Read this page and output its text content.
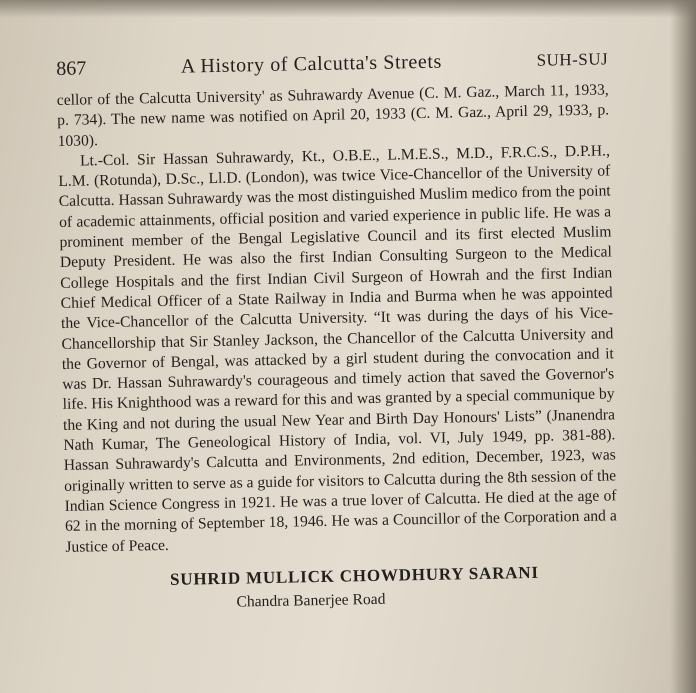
867	A History of Calcutta's Streets	SUH-SUJ

cellor of the Calcutta University' as Suhrawardy Avenue (C. M. Gaz., March 11, 1933, p. 734). The new name was notified on April 20, 1933 (C. M. Gaz., April 29, 1933, p. 1030).

Lt.-Col. Sir Hassan Suhrawardy, Kt., O.B.E., L.M.E.S., M.D., F.R.C.S., D.P.H., L.M. (Rotunda), D.Sc., Ll.D. (London), was twice Vice-Chancellor of the University of Calcutta. Hassan Suhrawardy was the most distinguished Muslim medico from the point of academic attainments, official position and varied experience in public life. He was a prominent member of the Bengal Legislative Council and its first elected Muslim Deputy President. He was also the first Indian Consulting Surgeon to the Medical College Hospitals and the first Indian Civil Surgeon of Howrah and the first Indian Chief Medical Officer of a State Railway in India and Burma when he was appointed the Vice-Chancellor of the Calcutta University. “It was during the days of his Vice-Chancellorship that Sir Stanley Jackson, the Chancellor of the Calcutta University and the Governor of Bengal, was attacked by a girl student during the convocation and it was Dr. Hassan Suhrawardy's courageous and timely action that saved the Governor's life. His Knighthood was a reward for this and was granted by a special communique by the King and not during the usual New Year and Birth Day Honours' Lists” (Jnanendra Nath Kumar, The Geneological History of India, vol. VI, July 1949, pp. 381-88). Hassan Suhrawardy's Calcutta and Environments, 2nd edition, December, 1923, was originally written to serve as a guide for visitors to Calcutta during the 8th session of the Indian Science Congress in 1921. He was a true lover of Calcutta. He died at the age of 62 in the morning of September 18, 1946. He was a Councillor of the Corporation and a Justice of Peace.

SUHRID MULLICK CHOWDHURY SARANI
Chandra Banerjee Road
